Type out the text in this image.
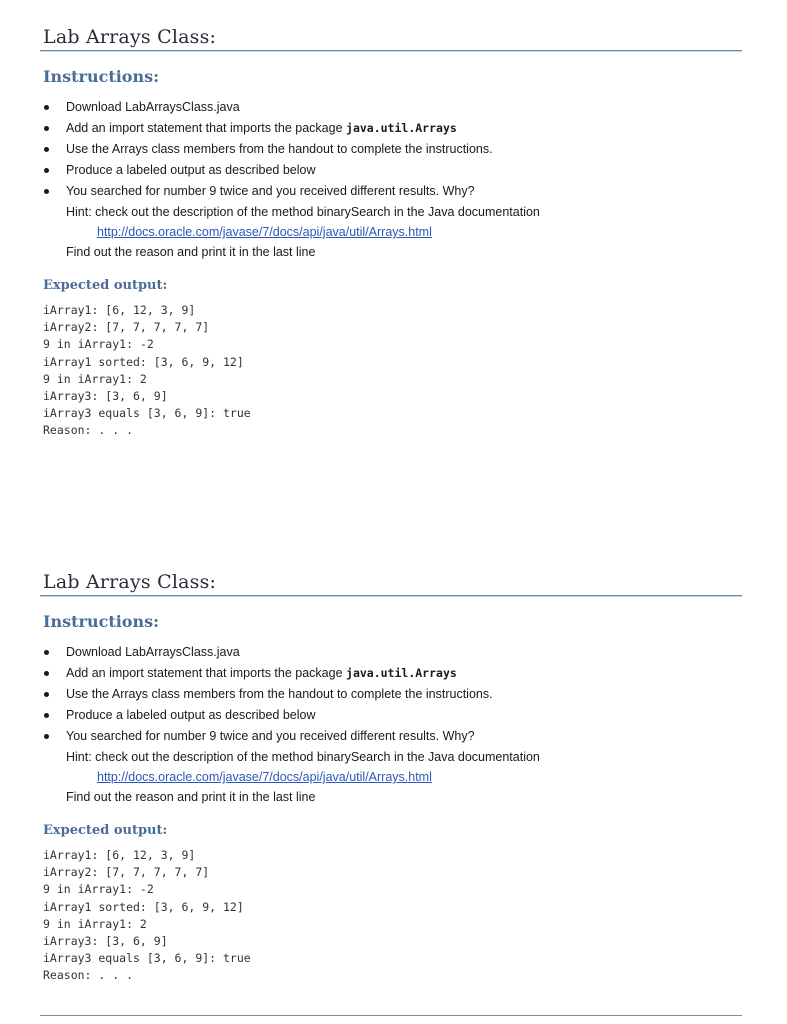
Lab Arrays Class:
Instructions:
Download LabArraysClass.java
Add an import statement that imports the package java.util.Arrays
Use the Arrays class members from the handout to complete the instructions.
Produce a labeled output as described below
You searched for number 9 twice and you received different results. Why?
Hint: check out the description of the method binarySearch in the Java documentation
http://docs.oracle.com/javase/7/docs/api/java/util/Arrays.html
Find out the reason and print it in the last line
Expected output:
iArray1: [6, 12, 3, 9]
iArray2: [7, 7, 7, 7, 7]
9 in iArray1: -2
iArray1 sorted: [3, 6, 9, 12]
9 in iArray1: 2
iArray3: [3, 6, 9]
iArray3 equals [3, 6, 9]: true
Reason: . . .
Lab Arrays Class:
Instructions:
Download LabArraysClass.java
Add an import statement that imports the package java.util.Arrays
Use the Arrays class members from the handout to complete the instructions.
Produce a labeled output as described below
You searched for number 9 twice and you received different results. Why?
Hint: check out the description of the method binarySearch in the Java documentation
http://docs.oracle.com/javase/7/docs/api/java/util/Arrays.html
Find out the reason and print it in the last line
Expected output:
iArray1: [6, 12, 3, 9]
iArray2: [7, 7, 7, 7, 7]
9 in iArray1: -2
iArray1 sorted: [3, 6, 9, 12]
9 in iArray1: 2
iArray3: [3, 6, 9]
iArray3 equals [3, 6, 9]: true
Reason: . . .
